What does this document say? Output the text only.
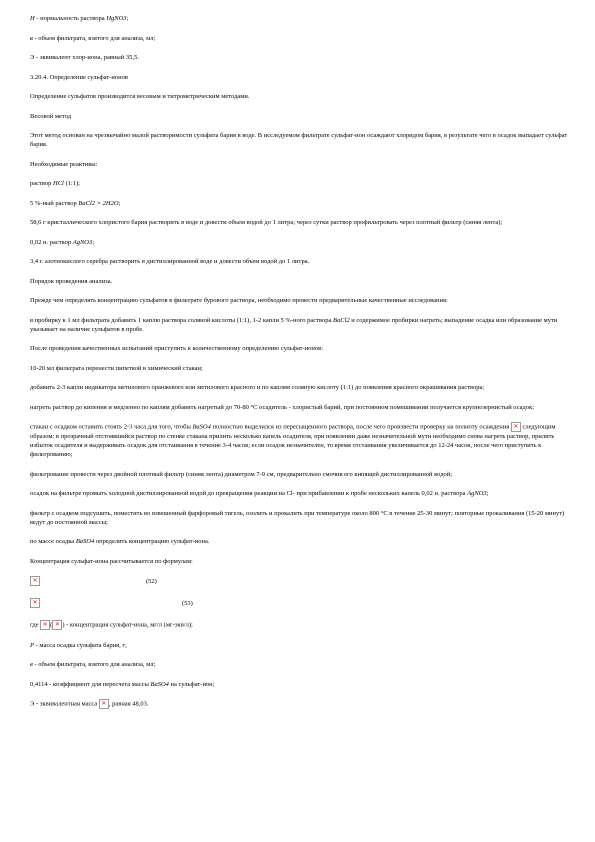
Н - нормальность раствора HgNO3;

в - объем фильтрата, взятого для анализа, мл;

Э - эквивалент хлор-иона, равный 35,5.

3.20.4. Определение сульфат-ионов

Определение сульфатов производится весовым и титрометрическим методами.

Весовой метод

Этот метод основан на чрезвычайно малой растворимости сульфата бария в воде. В исследуемом фильтрате сульфат-ион осаждают хлоридом бария, в результате чего в осадок выпадает сульфат бария.

Необходимые реактивы:

раствор HCl (1:1);

5 %-ный раствор BaCl2 × 2H2O;

58,6 г кристаллического хлористого бария растворить в воде и довести объем водой до 1 литра; через сутки раствор профильтровать через плотный фильтр (синяя лента);

0,02 н. раствор AgNO3;

3,4 г. азотнокислого серебра растворить в дистиллированной воде и довести объем водой до 1 литра.

Порядок проведения анализа.

Прежде чем определять концентрацию сульфатов в фильтрате бурового раствора, необходимо провести предварительные качественные исследования:

в пробирку к 1 мл фильтрата добавить 1 каплю раствора соляной кислоты (1:1), 1-2 капли 5 %-ного раствора BaCl2 и содержимое пробирки нагреть; выпадение осадка или образование мути указывает на наличие сульфатов в пробе.

После проведения качественных испытаний приступить к количественному определению сульфат-ионов:

10-20 мл фильтрата перенести пипеткой в химический стакан;

добавить 2-3 капли индикатора метилового оранжевого или метилового красного и по каплям соляную кислоту (1:1) до появления красного окрашивания раствора;

нагреть раствор до кипения и медленно по каплям добавить нагретый до 70-80 °С осадитель - хлористый барий, при постоянном помешивании получается крупнозернистый осадок;

стакан с осадком оставить стоять 2-3 часа для того, чтобы BaSO4 полностью выделился из пересыщенного раствора, после чего произвести проверку на полноту осаждения ✕ следующим образом: в прозрачный отстоявшийся раствор по стенке стакана прилить несколько капель осадителя, при появлении даже незначительной мути необходимо снова нагреть раствор, прилить избыток осадителя и выдерживать осадок для отстаивания в течение 3-4 часов; если осадок незначителен, то время отстаивания увеличивается до 12-24 часов, после чего приступить к фильтрованию;

фильтрование провести через двойной плотный фильтр (синяя лента) диаметром 7-9 см, предварительно смочив его кипящей дистиллированной водой;

осадок на фильтре промыть холодной дистиллированной водой до прекращения реакции на Cl- при прибавлении к пробе нескольких капель 0,02 н. раствора AgNO3;

фильтр с осадком подсушить, поместить во взвешенный фарфоровый тигель, озолить и прокалить при температуре около 800 °С в течение 25-30 минут; повторные прокаливания (15-20 минут) ведут до постоянной массы;

по массе осадка BaSO4 определить концентрацию сульфат-иона.

Концентрация сульфат-иона рассчитывается по формулам:

✕
(52)
✕
(53)

где ✕(✕ ) - концентрация сульфат-иона, мг/л (мг-экв/л);

Р - масса осадка сульфата бария, г;

в - объем фильтрата, взятого для анализа, мл;

0,4114 - коэффициент для пересчета массы BaSO4 на сульфат-ион;

Э - эквивалентная масса ✕, равная 48,03.
